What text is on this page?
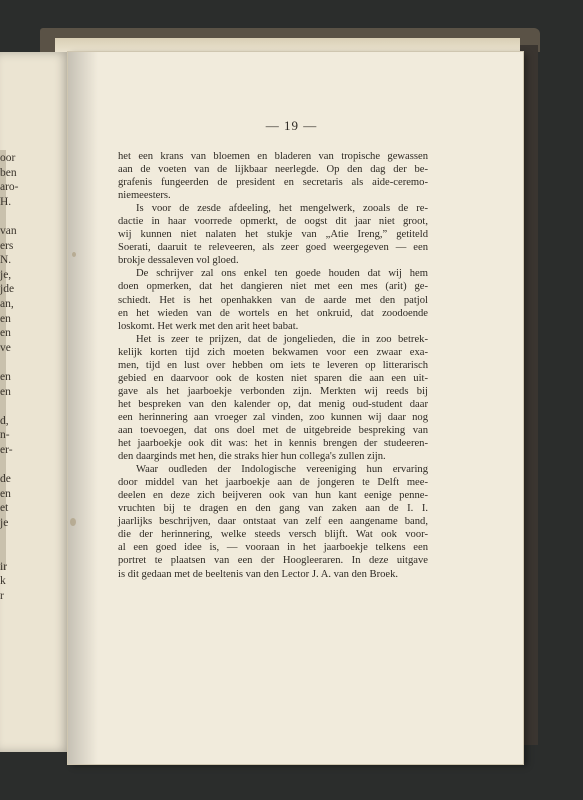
oor
ben
aro-
H.
van
ers
N.
je,
jde
an,
en
en
ve
en
en
d,
n-
er-
de
en
et
je
ir
k
r
— 19 —
het een krans van bloemen en bladeren van tropische gewassen
aan de voeten van de lijkbaar neerlegde. Op den dag der be-
grafenis fungeerden de president en secretaris als aide-ceremo-
niemeesters.
Is voor de zesde afdeeling, het mengelwerk, zooals de re-
dactie in haar voorrede opmerkt, de oogst dit jaar niet groot,
wij kunnen niet nalaten het stukje van „Atie Ireng,” getiteld
Soerati, daaruit te releveeren, als zeer goed weergegeven — een
brokje dessaleven vol gloed.
De schrijver zal ons enkel ten goede houden dat wij hem
doen opmerken, dat het dangieren niet met een mes (arit) ge-
schiedt. Het is het openhakken van de aarde met den patjol
en het wieden van de wortels en het onkruid, dat zoodoende
loskomt. Het werk met den arit heet babat.
Het is zeer te prijzen, dat de jongelieden, die in zoo betrek-
kelijk korten tijd zich moeten bekwamen voor een zwaar exa-
men, tijd en lust over hebben om iets te leveren op litterarisch
gebied en daarvoor ook de kosten niet sparen die aan een uit-
gave als het jaarboekje verbonden zijn. Merkten wij reeds bij
het bespreken van den kalender op, dat menig oud-student daar
een herinnering aan vroeger zal vinden, zoo kunnen wij daar nog
aan toevoegen, dat ons doel met de uitgebreide bespreking van
het jaarboekje ook dit was: het in kennis brengen der studeeren-
den daarginds met hen, die straks hier hun collega's zullen zijn.
Waar oudleden der Indologische vereeniging hun ervaring
door middel van het jaarboekje aan de jongeren te Delft mee-
deelen en deze zich beijveren ook van hun kant eenige penne-
vruchten bij te dragen en den gang van zaken aan de I. I.
jaarlijks beschrijven, daar ontstaat van zelf een aangename band,
die der herinnering, welke steeds versch blijft. Wat ook voor-
al een goed idee is, — vooraan in het jaarboekje telkens een
portret te plaatsen van een der Hoogleeraren. In deze uitgave
is dit gedaan met de beeltenis van den Lector J. A. van den Broek.
